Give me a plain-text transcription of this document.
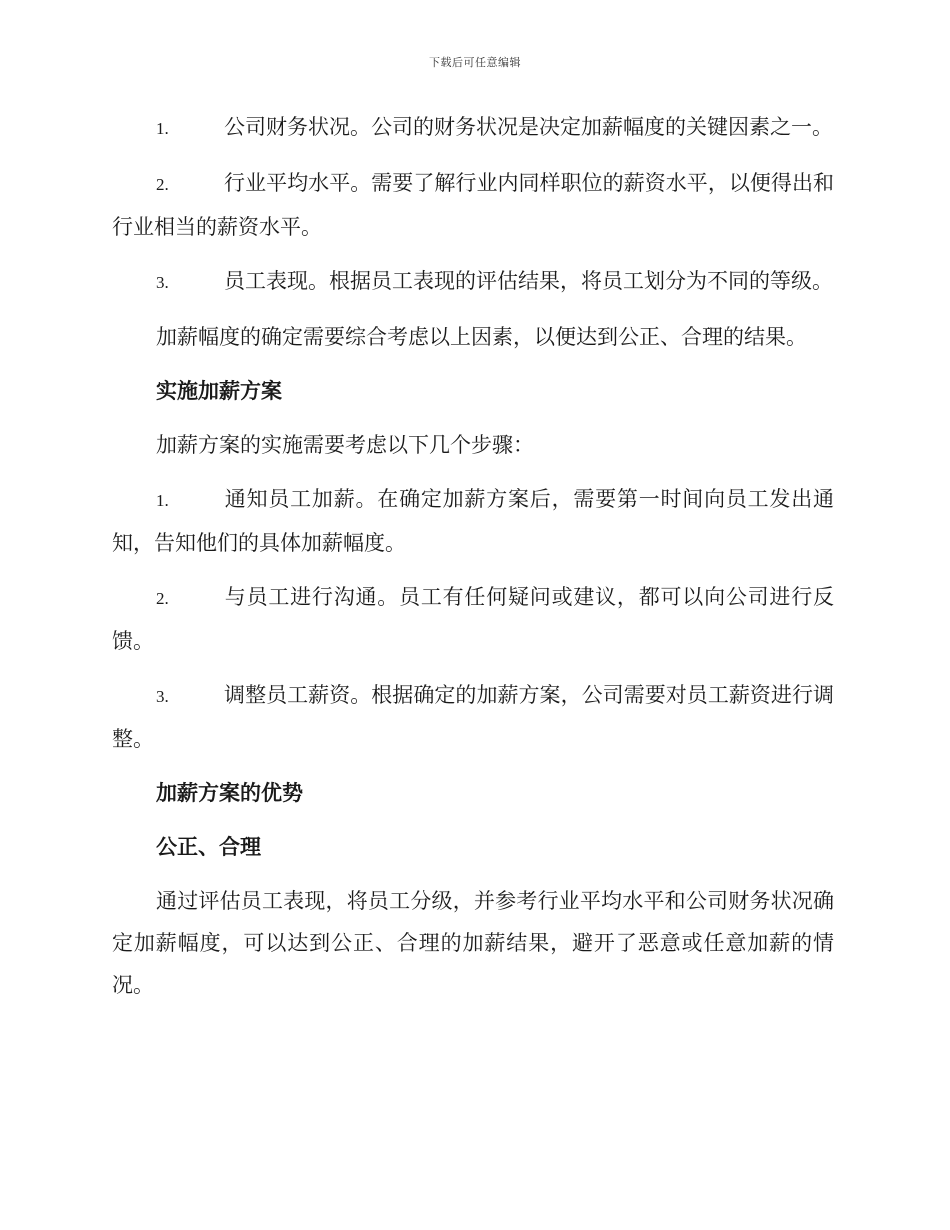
下载后可任意编辑

1.	公司财务状况。公司的财务状况是决定加薪幅度的关键因素之一。

2.	行业平均水平。需要了解行业内同样职位的薪资水平，以便得出和行业相当的薪资水平。

3.	员工表现。根据员工表现的评估结果，将员工划分为不同的等级。

加薪幅度的确定需要综合考虑以上因素，以便达到公正、合理的结果。

实施加薪方案

加薪方案的实施需要考虑以下几个步骤：

1.	通知员工加薪。在确定加薪方案后，需要第一时间向员工发出通知，告知他们的具体加薪幅度。

2.	与员工进行沟通。员工有任何疑问或建议，都可以向公司进行反馈。

3.	调整员工薪资。根据确定的加薪方案，公司需要对员工薪资进行调整。

加薪方案的优势

公正、合理

通过评估员工表现，将员工分级，并参考行业平均水平和公司财务状况确定加薪幅度，可以达到公正、合理的加薪结果，避开了恶意或任意加薪的情况。
